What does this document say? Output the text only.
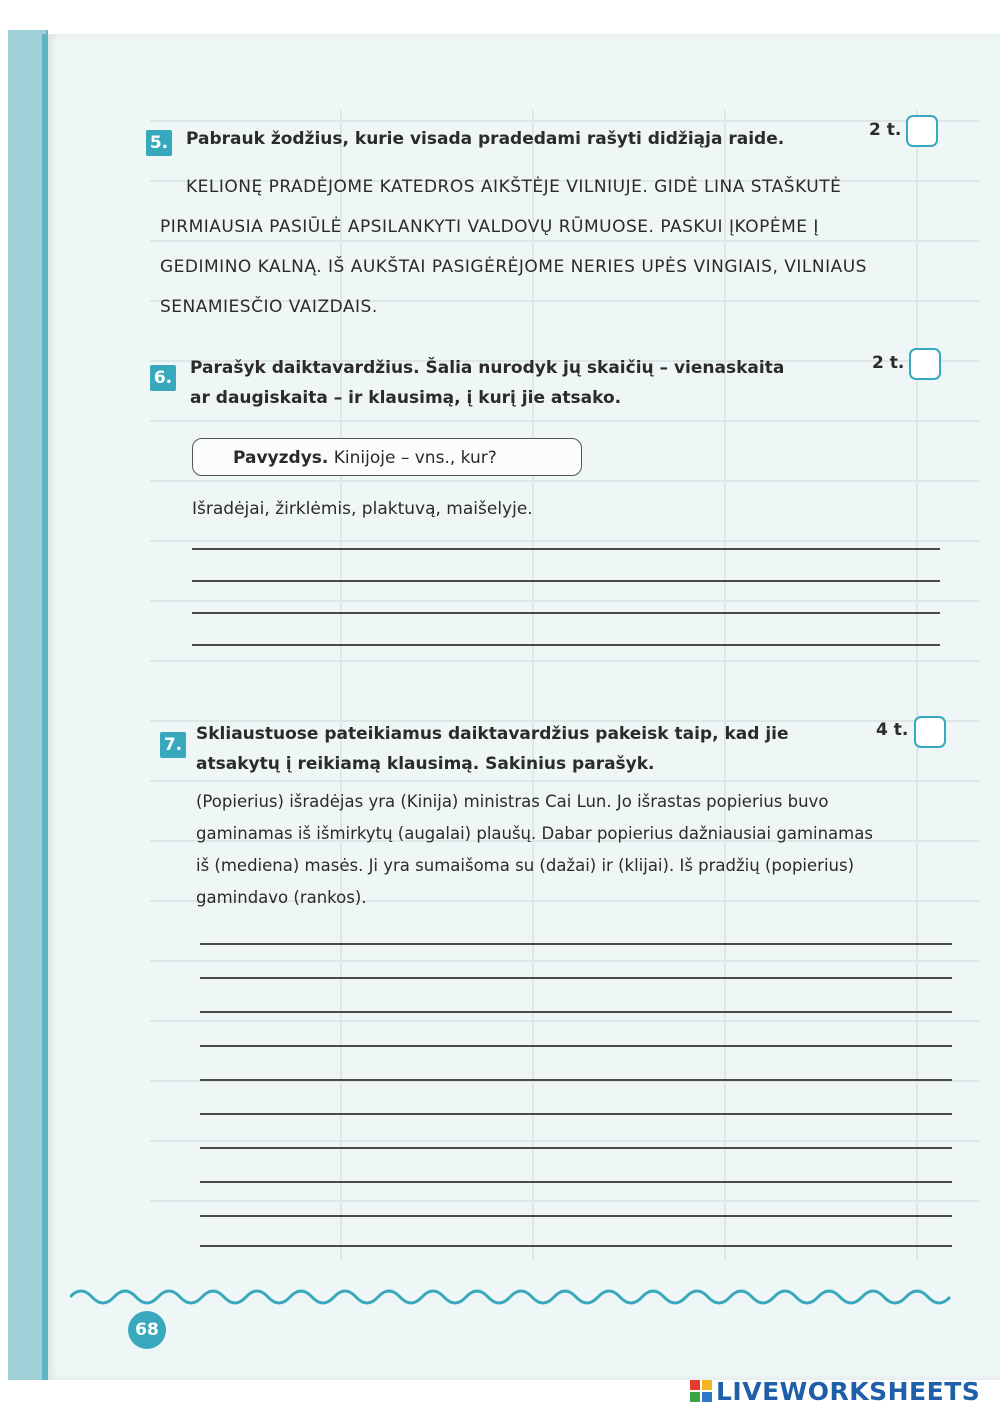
5. Pabrauk žodžius, kurie visada pradedami rašyti didžiąja raide.	2 t.
KELIONĘ PRADĖJOME KATEDROS AIKŠTĖJE VILNIUJE. GIDĖ LINA STAŠKUTĖ
PIRMIAUSIA PASIŪLĖ APSILANKYTI VALDOVŲ RŪMUOSE. PASKUI ĮKOPĖME Į
GEDIMINO KALNĄ. IŠ AUKŠTAI PASIGĖRĖJOME NERIES UPĖS VINGIAIS, VILNIAUS
SENAMIESČIO VAIZDAIS.
6. Parašyk daiktavardžius. Šalia nurodyk jų skaičių – vienaskaita
ar daugiskaita – ir klausimą, į kurį jie atsako.
2 t.
Pavyzdys. Kinijoje – vns., kur?
Išradėjai, žirklėmis, plaktuvą, maišelyje.
7.
Skliaustuose pateikiamus daiktavardžius pakeisk taip, kad jie
atsakytų į reikiamą klausimą. Sakinius parašyk.
4 t.
(Popierius) išradėjas yra (Kinija) ministras Cai Lun. Jo išrastas popierius buvo
gaminamas iš išmirkytų (augalai) plaušų. Dabar popierius dažniausiai gaminamas
iš (mediena) masės. Ji yra sumaišoma su (dažai) ir (klijai). Iš pradžių (popierius)
gamindavo (rankos).
68
LIVEWORKSHEETS
